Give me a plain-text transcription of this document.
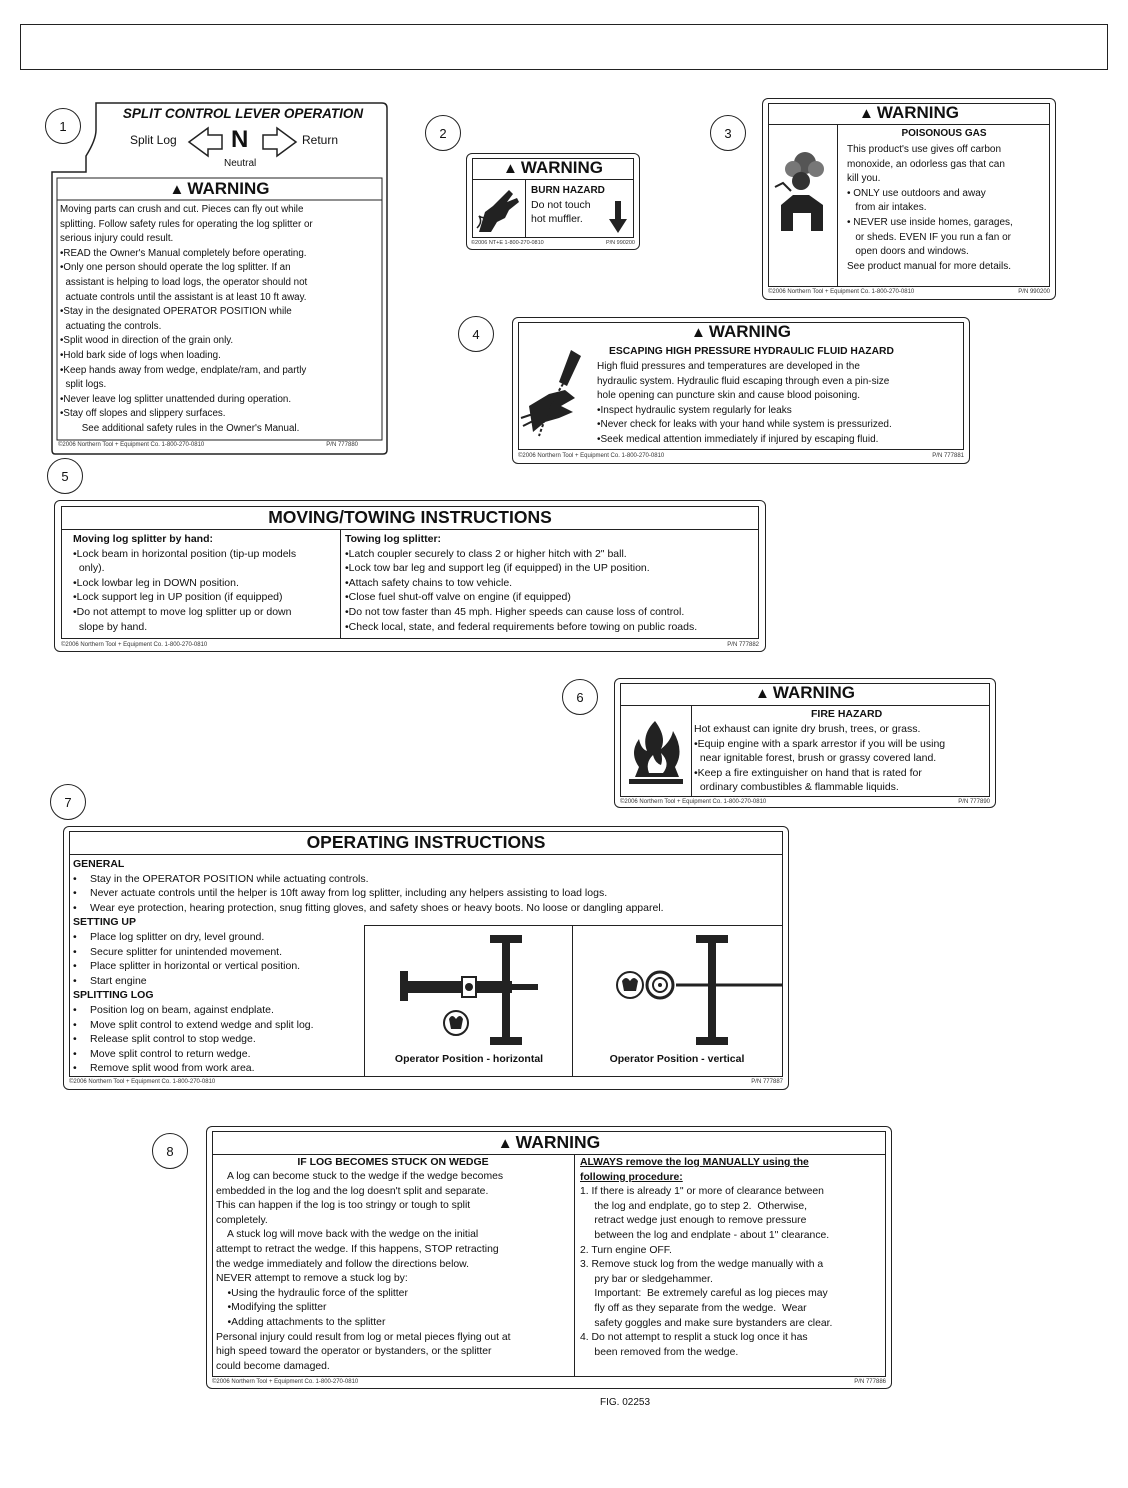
1	2	3
4
5
6
7
8
SPLIT CONTROL LEVER OPERATION
Split Log N
Neutral
Return
▲ WARNING
Moving parts can crush and cut. Pieces can fly out while
splitting. Follow safety rules for operating the log splitter or
serious injury could result.
•READ the Owner's Manual completely before operating.
•Only one person should operate the log splitter. If an
assistant is helping to load logs, the operator should not
actuate controls until the assistant is at least 10 ft away.
•Stay in the designated OPERATOR POSITION while
actuating the controls.
•Split wood in direction of the grain only.
•Hold bark side of logs when loading.
•Keep hands away from wedge, endplate/ram, and partly
split logs.
•Never leave log splitter unattended during operation.
•Stay off slopes and slippery surfaces.
See additional safety rules in the Owner's Manual.
©2006 Northern Tool + Equipment Co. 1-800-270-0810	P/N 777880
▲ WARNING
BURN HAZARD
Do not touch
hot muffler.
©2006 NT+E 1-800-270-0810	P/N 990200
▲ WARNING
POISONOUS GAS
This product's use gives off carbon
monoxide, an odorless gas that can
kill you.
• ONLY use outdoors and away
from air intakes.
• NEVER use inside homes, garages,
or sheds. EVEN IF you run a fan or
open doors and windows.
See product manual for more details.
©2006 Northern Tool + Equipment Co. 1-800-270-0810	P/N 990200
▲ WARNING
ESCAPING HIGH PRESSURE HYDRAULIC FLUID HAZARD
High fluid pressures and temperatures are developed in the
hydraulic system. Hydraulic fluid escaping through even a pin-size
hole opening can puncture skin and cause blood poisoning.
•Inspect hydraulic system regularly for leaks
•Never check for leaks with your hand while system is pressurized.
•Seek medical attention immediately if injured by escaping fluid.
©2006 Northern Tool + Equipment Co. 1-800-270-0810	P/N 777881
MOVING/TOWING INSTRUCTIONS
Moving log splitter by hand:
•Lock beam in horizontal position (tip-up models
only).
•Lock lowbar leg in DOWN position.
•Lock support leg in UP position (if equipped)
•Do not attempt to move log splitter up or down
slope by hand.
Towing log splitter:
•Latch coupler securely to class 2 or higher hitch with 2" ball.
•Lock tow bar leg and support leg (if equipped) in the UP position.
•Attach safety chains to tow vehicle.
•Close fuel shut-off valve on engine (if equipped)
•Do not tow faster than 45 mph. Higher speeds can cause loss of control.
•Check local, state, and federal requirements before towing on public roads.
©2006 Northern Tool + Equipment Co. 1-800-270-0810	P/N 777882
▲ WARNING
FIRE HAZARD
Hot exhaust can ignite dry brush, trees, or grass.
•Equip engine with a spark arrestor if you will be using
near ignitable forest, brush or grassy covered land.
•Keep a fire extinguisher on hand that is rated for
ordinary combustibles & flammable liquids.
©2006 Northern Tool + Equipment Co. 1-800-270-0810	P/N 777890
OPERATING INSTRUCTIONS
GENERAL
• Stay in the OPERATOR POSITION while actuating controls.
• Never actuate controls until the helper is 10ft away from log splitter, including any helpers assisting to load logs.
• Wear eye protection, hearing protection, snug fitting gloves, and safety shoes or heavy boots. No loose or dangling apparel.
SETTING UP
• Place log splitter on dry, level ground.
• Secure splitter for unintended movement.
• Place splitter in horizontal or vertical position.
• Start engine
SPLITTING LOG
• Position log on beam, against endplate.
• Move split control to extend wedge and split log.
• Release split control to stop wedge.
• Move split control to return wedge.
• Remove split wood from work area.
Operator Position - horizontal	Operator Position - vertical
©2006 Northern Tool + Equipment Co. 1-800-270-0810	P/N 777887
▲ WARNING
IF LOG BECOMES STUCK ON WEDGE
A log can become stuck to the wedge if the wedge becomes
embedded in the log and the log doesn't split and separate.
This can happen if the log is too stringy or tough to split
completely.
A stuck log will move back with the wedge on the initial
attempt to retract the wedge. If this happens, STOP retracting
the wedge immediately and follow the directions below.
NEVER attempt to remove a stuck log by:
•Using the hydraulic force of the splitter
•Modifying the splitter
•Adding attachments to the splitter
Personal injury could result from log or metal pieces flying out at
high speed toward the operator or bystanders, or the splitter
could become damaged.
ALWAYS remove the log MANUALLY using the
following procedure:
1. If there is already 1" or more of clearance between
the log and endplate, go to step 2.  Otherwise,
retract wedge just enough to remove pressure
between the log and endplate - about 1" clearance.
2. Turn engine OFF.
3. Remove stuck log from the wedge manually with a
pry bar or sledgehammer.
Important:  Be extremely careful as log pieces may
fly off as they separate from the wedge.  Wear
safety goggles and make sure bystanders are clear.
4. Do not attempt to resplit a stuck log once it has
been removed from the wedge.
©2006 Northern Tool + Equipment Co. 1-800-270-0810	P/N 777886
FIG. 02253
